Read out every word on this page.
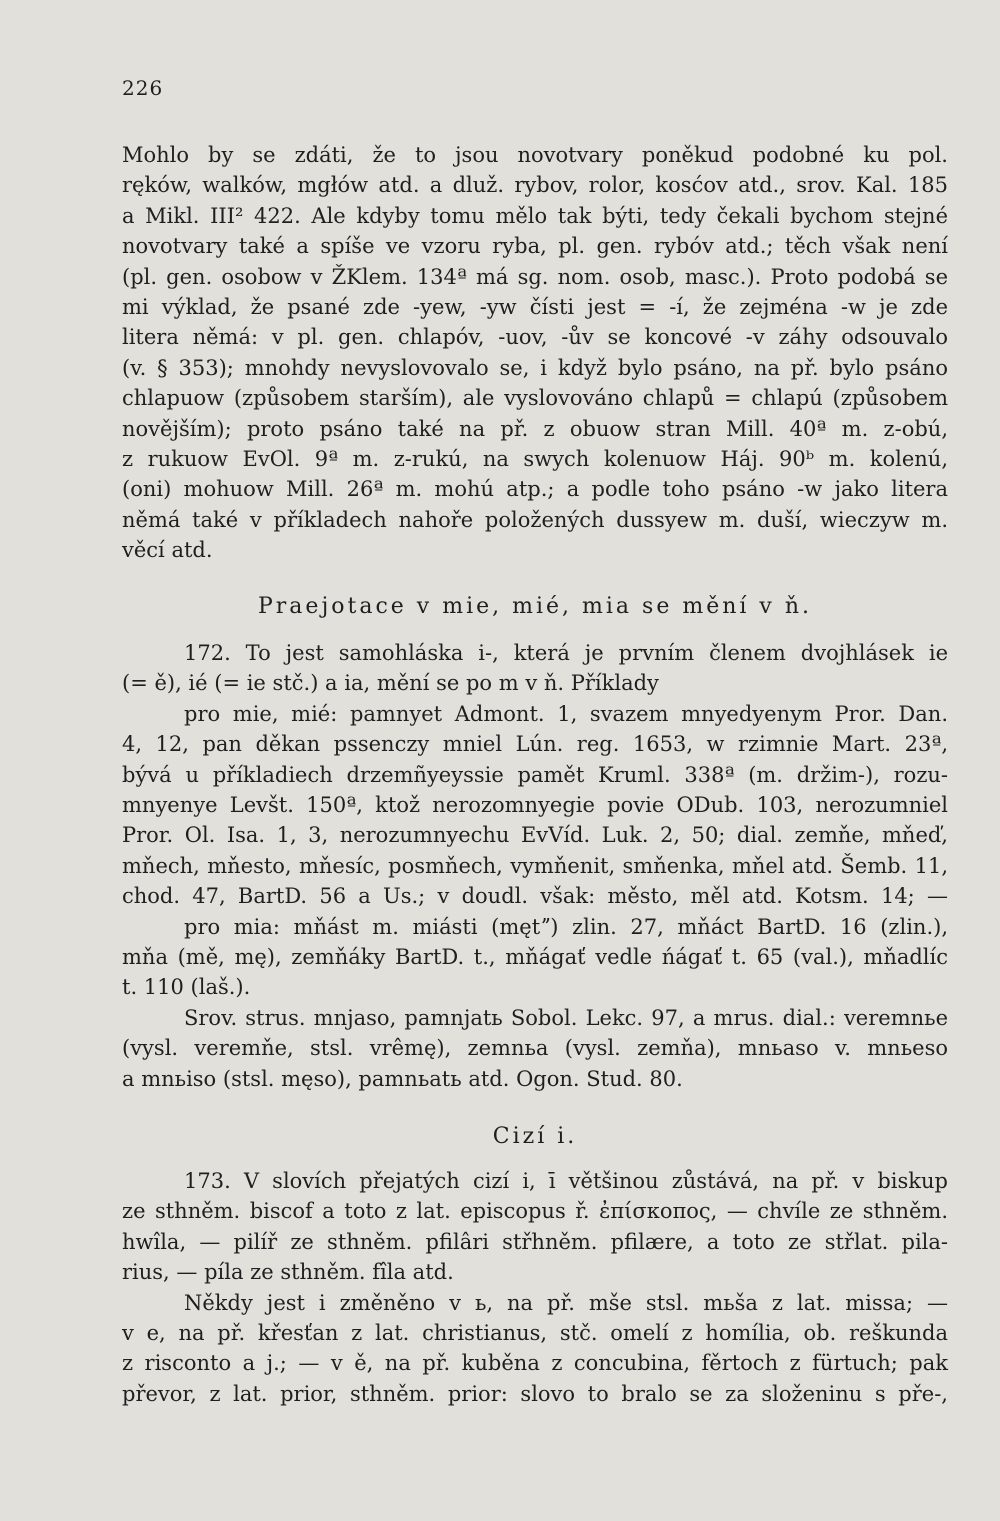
226
Mohlo by se zdáti, že to jsou novotvary poněkud podobné ku pol.
rękόw, walkόw, mgłόw atd. a dluž. rybov, rolor, kosćov atd., srov. Kal. 185
a Mikl. III² 422. Ale kdyby tomu mělo tak býti, tedy čekali bychom stejné
novotvary také a spíše ve vzoru ryba, pl. gen. rybόv atd.; těch však není
(pl. gen. osobow v ŽKlem. 134ª má sg. nom. osob, masc.). Proto podobá se
mi výklad, že psané zde -yew, -yw čísti jest = -í, že zejména -w je zde
litera němá: v pl. gen. chlapόv, -uov, -ův se koncové -v záhy odsouvalo
(v. § 353); mnohdy nevyslovovalo se, i když bylo psáno, na př. bylo psáno
chlapuow (způsobem starším), ale vyslovováno chlapů = chlapú (způsobem
novějším); proto psáno také na př. z obuow stran Mill. 40ª m. z-obú,
z rukuow EvOl. 9ª m. z-rukú, na swych kolenuow Háj. 90ᵇ m. kolenú,
(oni) mohuow Mill. 26ª m. mohú atp.; a podle toho psáno -w jako litera
němá také v příkladech nahoře položených dussyew m. duší, wieczyw m.
věcí atd.
Praejotace v mie, mié, mia se mění v ň.
172. To jest samohláska i-, která je prvním členem dvojhlásek ie
(= ě), ié (= ie stč.) a ia, mění se po m v ň. Příklady
pro mie, mié: pamnyet Admont. 1, svazem mnyedyenym Pror. Dan.
4, 12, pan děkan pssenczy mniel Lún. reg. 1653, w rzimnie Mart. 23ª,
bývá u příkladiech drzemñyeyssie pamět Kruml. 338ª (m. držim-), rozu-
mnyenye Levšt. 150ª, ktož nerozomnyegie povie ODub. 103, nerozumniel
Pror. Ol. Isa. 1, 3, nerozumnyechu EvVíd. Luk. 2, 50; dial. zemňe, mňeď,
mňech, mňesto, mňesíc, posmňech, vymňenit, smňenka, mňel atd. Šemb. 11,
chod. 47, BartD. 56 a Us.; v doudl. však: město, měl atd. Kotsm. 14; —
pro mia: mňást m. miásti (mętˮ) zlin. 27, mňáct BartD. 16 (zlin.),
mňa (mě, mę), zemňáky BartD. t., mňágať vedle ńágať t. 65 (val.), mňadlíc
t. 110 (laš.).
Srov. strus. mnjaso, pamnjatь Sobol. Lekc. 97, a mrus. dial.: veremnьe
(vysl. veremňe, stsl. vrêmę), zemnьa (vysl. zemňa), mnьaso v. mnьeso
a mnьiso (stsl. męso), pamnьatь atd. Ogon. Stud. 80.
Cizí i.
173. V slovích přejatých cizí i, ī většinou zůstává, na př. v biskup
ze sthněm. biscof a toto z lat. episcopus ř. ἐπίσκοπος, — chvíle ze sthněm.
hwîla, — pilíř ze sthněm. pfilâri střhněm. pfilære, a toto ze střlat. pila-
rius, — píla ze sthněm. fîla atd.
Někdy jest i změněno v ь, na př. mše stsl. mьša z lat. missa; —
v e, na př. křesťan z lat. christianus, stč. omelí z homília, ob. reškunda
z risconto a j.; — v ě, na př. kuběna z concubina, fěrtoch z fürtuch; pak
převor, z lat. prior, sthněm. prior: slovo to bralo se za složeninu s pře-,
